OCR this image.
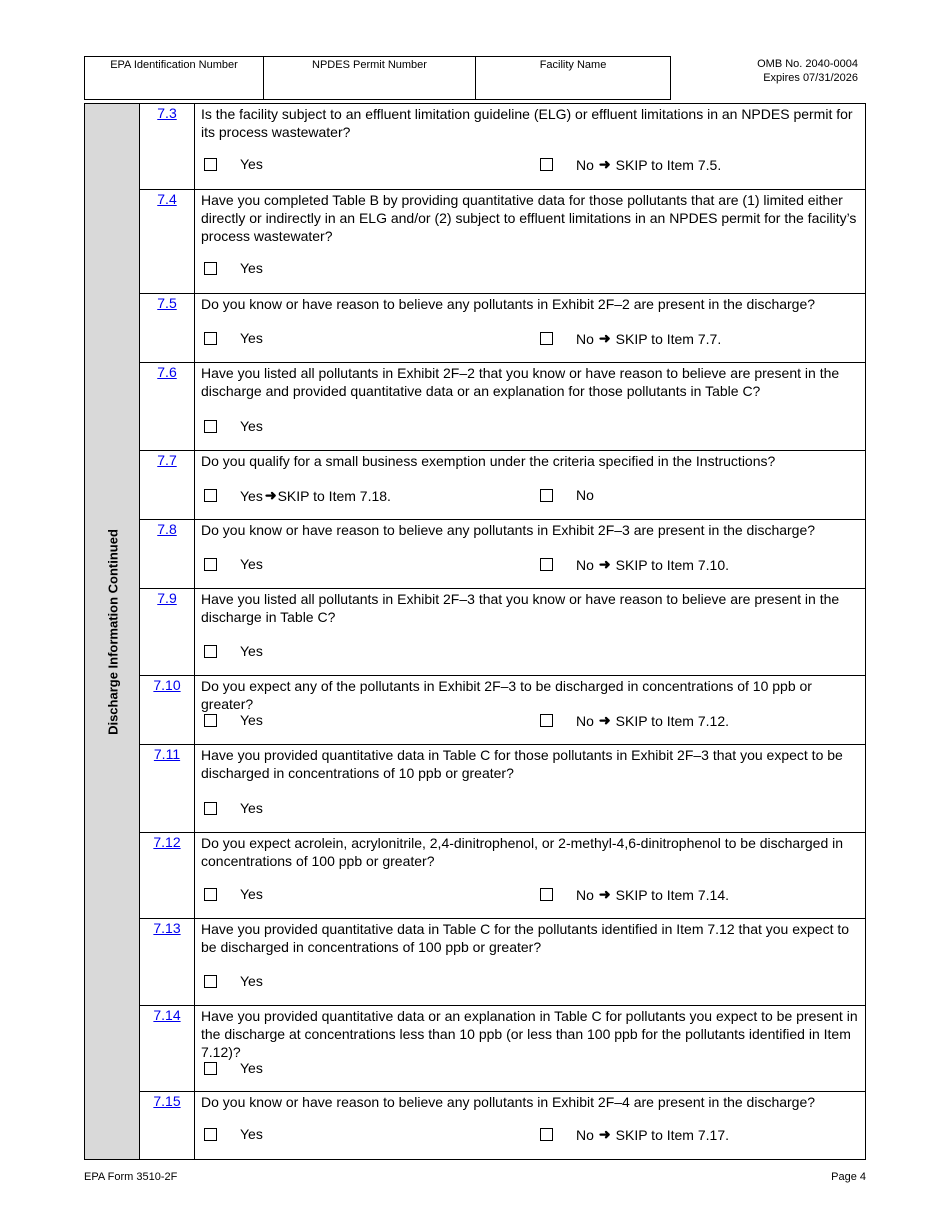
EPA Identification Number	NPDES Permit Number	Facility Name	OMB No. 2040-0004
Expires 07/31/2026
Discharge Information Continued
7.3	Is the facility subject to an effluent limitation guideline (ELG) or effluent limitations in an NPDES permit for its process wastewater?
Yes	No ➜ SKIP to Item 7.5.
7.4	Have you completed Table B by providing quantitative data for those pollutants that are (1) limited either directly or indirectly in an ELG and/or (2) subject to effluent limitations in an NPDES permit for the facility’s process wastewater?
Yes
7.5	Do you know or have reason to believe any pollutants in Exhibit 2F–2 are present in the discharge?
Yes	No ➜ SKIP to Item 7.7.
7.6	Have you listed all pollutants in Exhibit 2F–2 that you know or have reason to believe are present in the discharge and provided quantitative data or an explanation for those pollutants in Table C?
Yes
7.7	Do you qualify for a small business exemption under the criteria specified in the Instructions?
Yes ➜ SKIP to Item 7.18.	No
7.8	Do you know or have reason to believe any pollutants in Exhibit 2F–3 are present in the discharge?
Yes	No ➜ SKIP to Item 7.10.
7.9	Have you listed all pollutants in Exhibit 2F–3 that you know or have reason to believe are present in the discharge in Table C?
Yes
7.10	Do you expect any of the pollutants in Exhibit 2F–3 to be discharged in concentrations of 10 ppb or greater?
Yes	No ➜ SKIP to Item 7.12.
7.11	Have you provided quantitative data in Table C for those pollutants in Exhibit 2F–3 that you expect to be discharged in concentrations of 10 ppb or greater?
Yes
7.12	Do you expect acrolein, acrylonitrile, 2,4-dinitrophenol, or 2-methyl-4,6-dinitrophenol to be discharged in concentrations of 100 ppb or greater?
Yes	No ➜ SKIP to Item 7.14.
7.13	Have you provided quantitative data in Table C for the pollutants identified in Item 7.12 that you expect to be discharged in concentrations of 100 ppb or greater?
Yes
7.14	Have you provided quantitative data or an explanation in Table C for pollutants you expect to be present in the discharge at concentrations less than 10 ppb (or less than 100 ppb for the pollutants identified in Item 7.12)?
Yes
7.15	Do you know or have reason to believe any pollutants in Exhibit 2F–4 are present in the discharge?
Yes	No ➜ SKIP to Item 7.17.
EPA Form 3510-2F	Page 4
